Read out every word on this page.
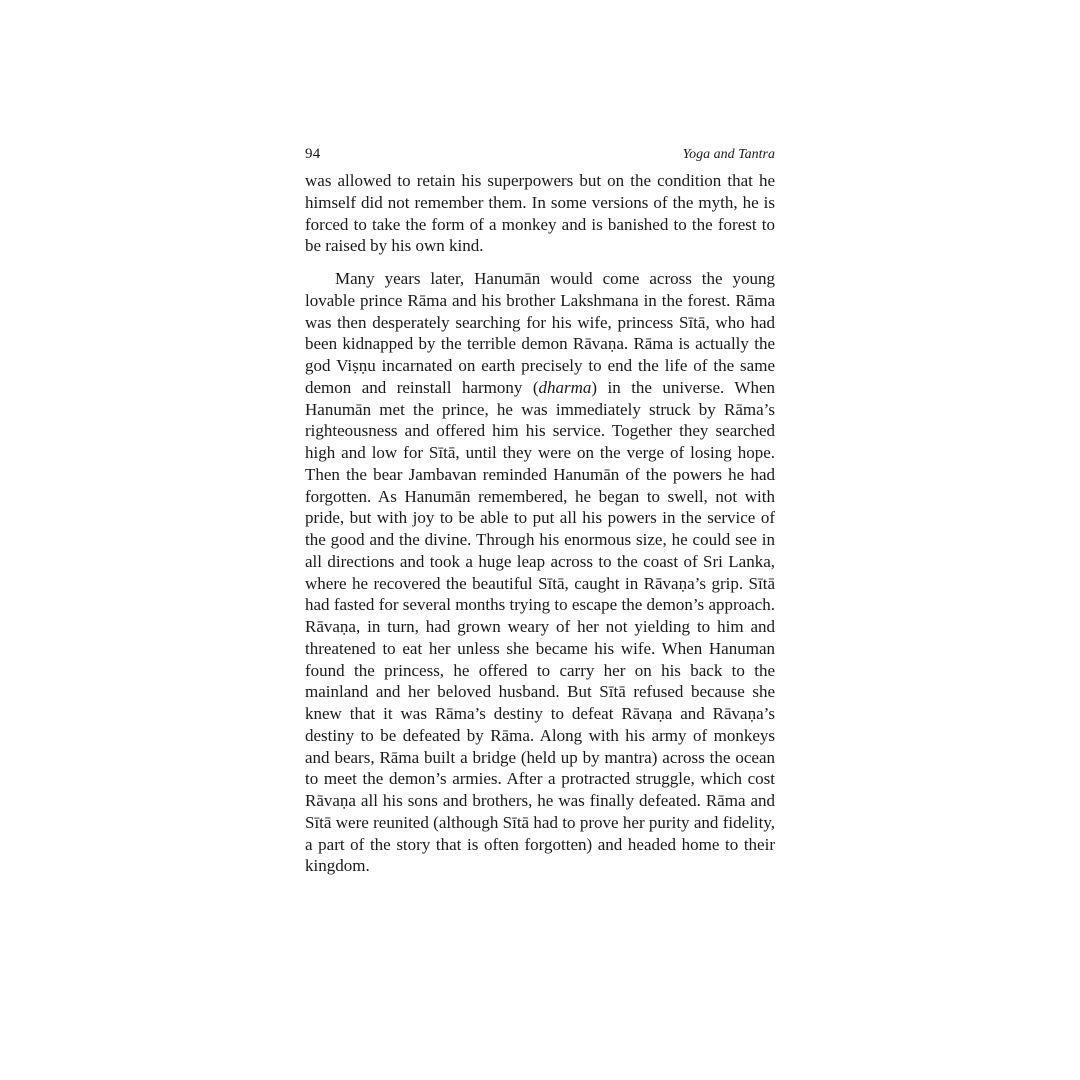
94	Yoga and Tantra

was allowed to retain his superpowers but on the condition that he himself did not remember them. In some versions of the myth, he is forced to take the form of a monkey and is banished to the forest to be raised by his own kind.

Many years later, Hanumān would come across the young lovable prince Rāma and his brother Lakshmana in the forest. Rāma was then desperately searching for his wife, princess Sītā, who had been kidnapped by the terrible demon Rāvaṇa. Rāma is actually the god Viṣṇu incarnated on earth precisely to end the life of the same demon and reinstall harmony (dharma) in the universe. When Hanumān met the prince, he was immediately struck by Rāma’s righteousness and offered him his service. Together they searched high and low for Sītā, until they were on the verge of losing hope. Then the bear Jambavan reminded Hanumān of the powers he had forgotten. As Hanumān remembered, he began to swell, not with pride, but with joy to be able to put all his powers in the service of the good and the divine. Through his enormous size, he could see in all directions and took a huge leap across to the coast of Sri Lanka, where he recovered the beautiful Sītā, caught in Rāvaṇa’s grip. Sītā had fasted for several months trying to escape the demon’s approach. Rāvaṇa, in turn, had grown weary of her not yielding to him and threatened to eat her unless she became his wife. When Hanuman found the princess, he offered to carry her on his back to the mainland and her beloved husband. But Sītā refused because she knew that it was Rāma’s destiny to defeat Rāvaṇa and Rāvaṇa’s destiny to be defeated by Rāma. Along with his army of monkeys and bears, Rāma built a bridge (held up by mantra) across the ocean to meet the demon’s armies. After a protracted struggle, which cost Rāvaṇa all his sons and brothers, he was finally defeated. Rāma and Sītā were reunited (although Sītā had to prove her purity and fidelity, a part of the story that is often forgotten) and headed home to their kingdom.
